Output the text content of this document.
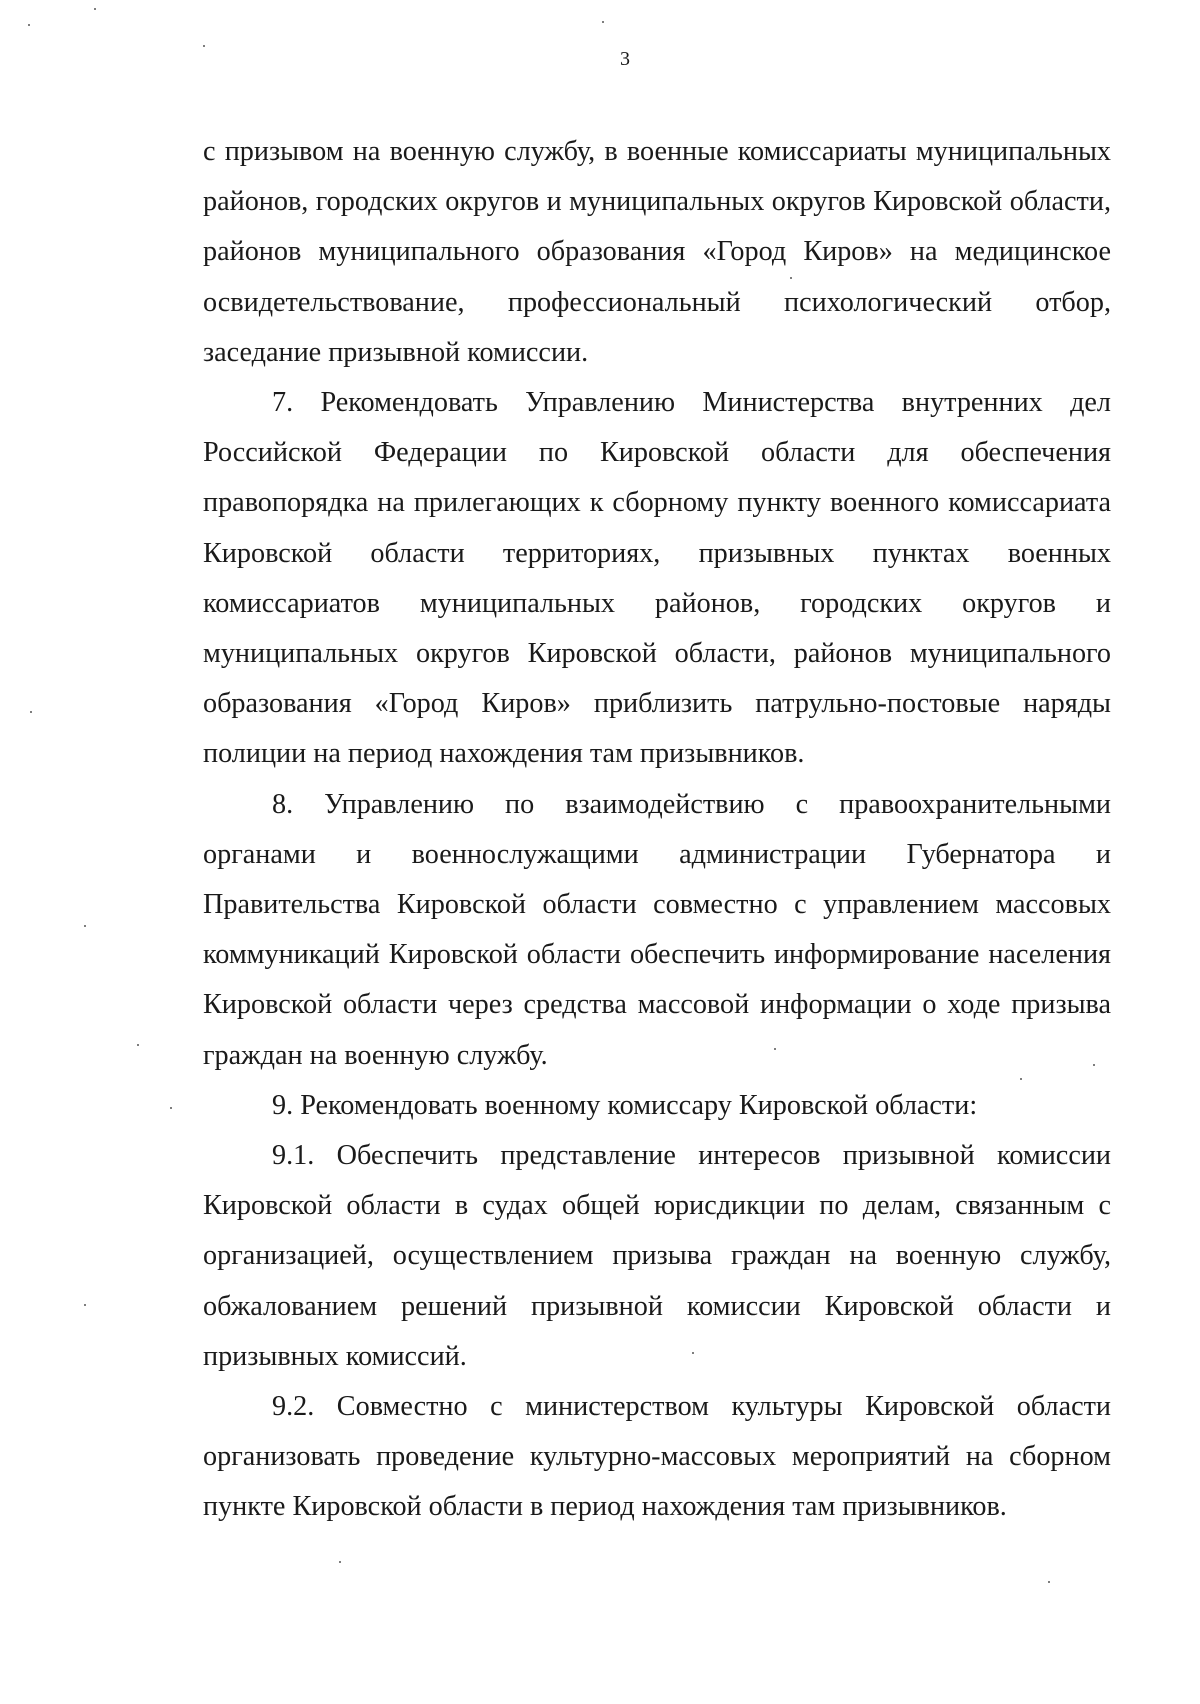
3

с призывом на военную службу, в военные комиссариаты муниципальных районов, городских округов и муниципальных округов Кировской области, районов муниципального образования «Город Киров» на медицинское освидетельствование, профессиональный психологический отбор, заседание призывной комиссии.

7. Рекомендовать Управлению Министерства внутренних дел Российской Федерации по Кировской области для обеспечения правопорядка на прилегающих к сборному пункту военного комиссариата Кировской области территориях, призывных пунктах военных комиссариатов муниципальных районов, городских округов и муниципальных округов Кировской области, районов муниципального образования «Город Киров» приблизить патрульно-постовые наряды полиции на период нахождения там призывников.

8. Управлению по взаимодействию с правоохранительными органами и военнослужащими администрации Губернатора и Правительства Кировской области совместно с управлением массовых коммуникаций Кировской области обеспечить информирование населения Кировской области через средства массовой информации о ходе призыва граждан на военную службу.

9. Рекомендовать военному комиссару Кировской области:

9.1. Обеспечить представление интересов призывной комиссии Кировской области в судах общей юрисдикции по делам, связанным с организацией, осуществлением призыва граждан на военную службу, обжалованием решений призывной комиссии Кировской области и призывных комиссий.

9.2. Совместно с министерством культуры Кировской области организовать проведение культурно-массовых мероприятий на сборном пункте Кировской области в период нахождения там призывников.
